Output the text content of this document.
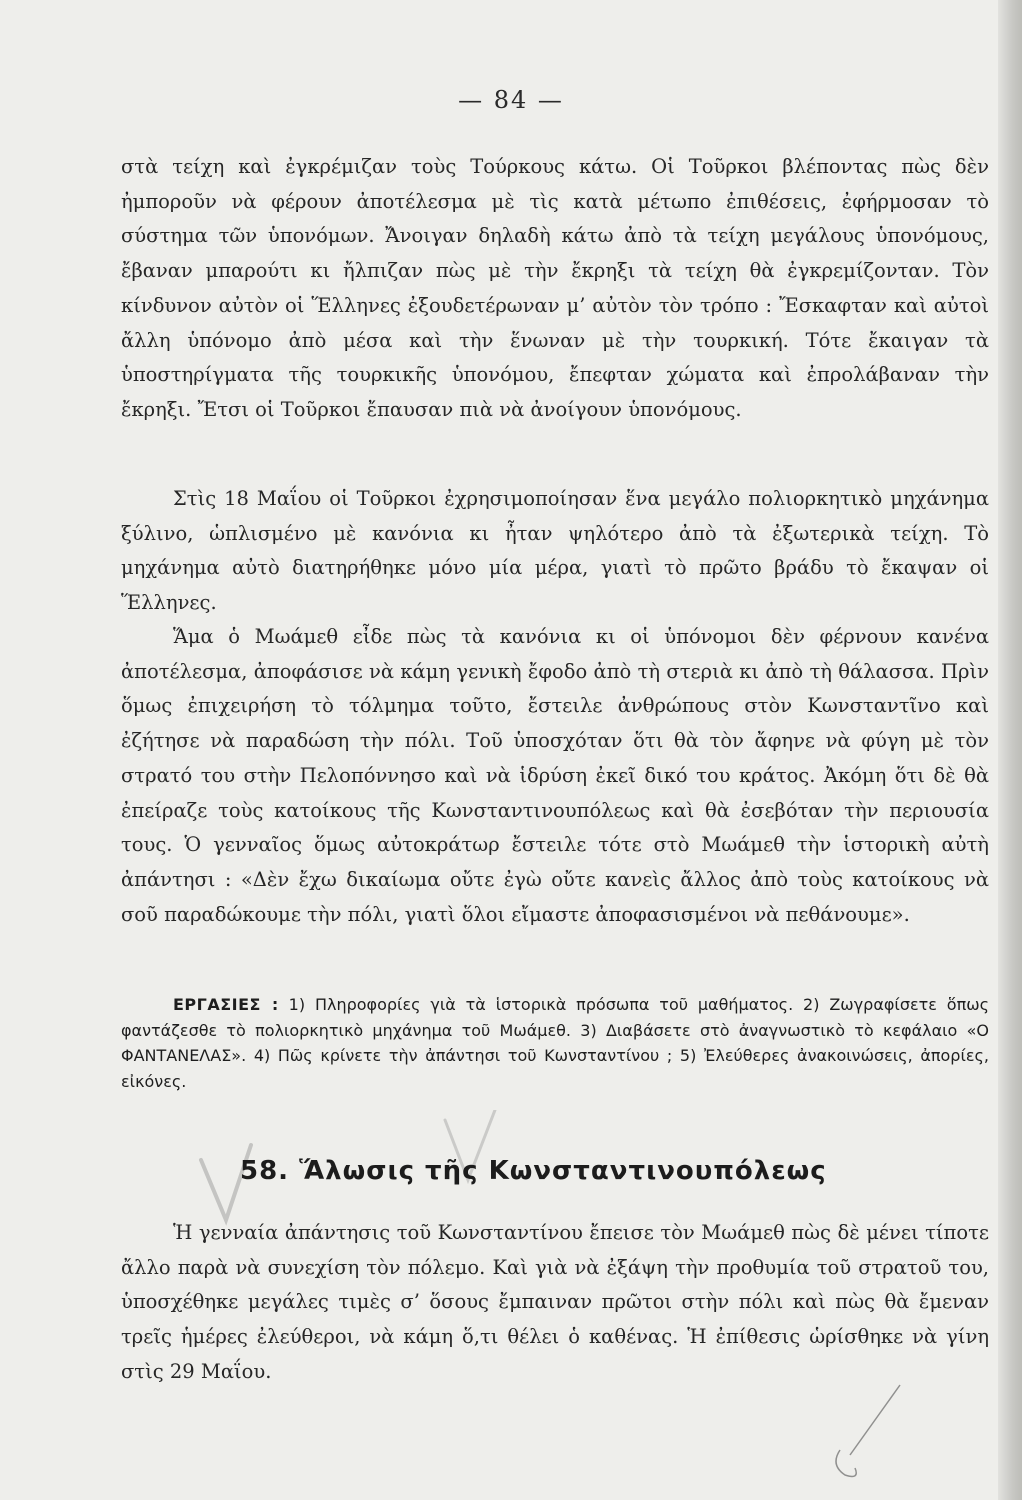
— 84 —

στὰ τείχη καὶ ἐγκρέμιζαν τοὺς Τούρκους κάτω. Οἱ Τοῦρκοι βλέποντας πὼς δὲν ἠμποροῦν νὰ φέρουν ἀποτέλεσμα μὲ τὶς κατὰ μέτωπο ἐπιθέσεις, ἐφήρμοσαν τὸ σύστημα τῶν ὑπονόμων. Ἄνοιγαν δηλαδὴ κάτω ἀπὸ τὰ τείχη μεγάλους ὑπονόμους, ἔβαναν μπαρούτι κι ἤλπιζαν πὼς μὲ τὴν ἔκρηξι τὰ τείχη θὰ ἐγκρεμίζονταν. Τὸν κίνδυνον αὐτὸν οἱ Ἕλληνες ἐξουδετέρωναν μ’ αὐτὸν τὸν τρόπο : Ἔσκαφταν καὶ αὐτοὶ ἄλλη ὑπόνομο ἀπὸ μέσα καὶ τὴν ἕνωναν μὲ τὴν τουρκική. Τότε ἔκαιγαν τὰ ὑποστηρίγματα τῆς τουρκικῆς ὑπονόμου, ἔπεφταν χώματα καὶ ἐπρολάβαναν τὴν ἔκρηξι. Ἔτσι οἱ Τοῦρκοι ἔπαυσαν πιὰ νὰ ἀνοίγουν ὑπονόμους.

Στὶς 18 Μαΐου οἱ Τοῦρκοι ἐχρησιμοποίησαν ἕνα μεγάλο πολιορκητικὸ μηχάνημα ξύλινο, ὡπλισμένο μὲ κανόνια κι ἦταν ψηλότερο ἀπὸ τὰ ἐξωτερικὰ τείχη. Τὸ μηχάνημα αὐτὸ διατηρήθηκε μόνο μία μέρα, γιατὶ τὸ πρῶτο βράδυ τὸ ἔκαψαν οἱ Ἕλληνες.

Ἅμα ὁ Μωάμεθ εἶδε πὼς τὰ κανόνια κι οἱ ὑπόνομοι δὲν φέρνουν κανένα ἀποτέλεσμα, ἀποφάσισε νὰ κάμη γενικὴ ἔφοδο ἀπὸ τὴ στεριὰ κι ἀπὸ τὴ θάλασσα. Πρὶν ὅμως ἐπιχειρήση τὸ τόλμημα τοῦτο, ἔστειλε ἀνθρώπους στὸν Κωνσταντῖνο καὶ ἐζήτησε νὰ παραδώση τὴν πόλι. Τοῦ ὑποσχόταν ὅτι θὰ τὸν ἄφηνε νὰ φύγη μὲ τὸν στρατό του στὴν Πελοπόννησο καὶ νὰ ἱδρύση ἐκεῖ δικό του κράτος. Ἀκόμη ὅτι δὲ θὰ ἐπείραζε τοὺς κατοίκους τῆς Κωνσταντινουπόλεως καὶ θὰ ἐσεβόταν τὴν περιουσία τους. Ὁ γενναῖος ὅμως αὐτοκράτωρ ἔστειλε τότε στὸ Μωάμεθ τὴν ἱστορικὴ αὐτὴ ἀπάντησι : «Δὲν ἔχω δικαίωμα οὔτε ἐγὼ οὔτε κανεὶς ἄλλος ἀπὸ τοὺς κατοίκους νὰ σοῦ παραδώκουμε τὴν πόλι, γιατὶ ὅλοι εἴμαστε ἀποφασισμένοι νὰ πεθάνουμε».

ΕΡΓΑΣΙΕΣ : 1) Πληροφορίες γιὰ τὰ ἱστορικὰ πρόσωπα τοῦ μαθήματος. 2) Ζωγραφίσετε ὅπως φαντάζεσθε τὸ πολιορκητικὸ μηχάνημα τοῦ Μωάμεθ. 3) Διαβάσετε στὸ ἀναγνωστικὸ τὸ κεφάλαιο «Ο ΦΑΝΤΑΝΕΛΑΣ». 4) Πῶς κρίνετε τὴν ἀπάντησι τοῦ Κωνσταντίνου ; 5) Ἐλεύθερες ἀνακοινώσεις, ἀπορίες, εἰκόνες.
58. Ἅλωσις τῆς Κωνσταντινουπόλεως

Ἡ γενναία ἀπάντησις τοῦ Κωνσταντίνου ἔπεισε τὸν Μωάμεθ πὼς δὲ μένει τίποτε ἄλλο παρὰ νὰ συνεχίση τὸν πόλεμο. Καὶ γιὰ νὰ ἐξάψη τὴν προθυμία τοῦ στρατοῦ του, ὑποσχέθηκε μεγάλες τιμὲς σ’ ὅσους ἔμπαιναν πρῶτοι στὴν πόλι καὶ πὼς θὰ ἔμεναν τρεῖς ἡμέρες ἐλεύθεροι, νὰ κάμη ὅ,τι θέλει ὁ καθένας. Ἡ ἐπίθεσις ὡρίσθηκε νὰ γίνη στὶς 29 Μαΐου.
